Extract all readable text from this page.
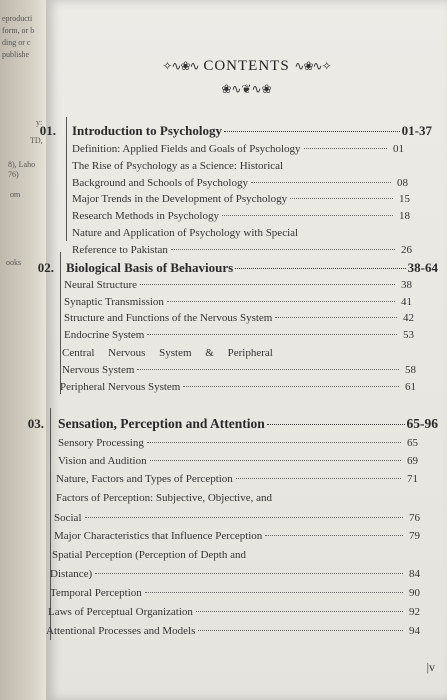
eproducti
form, or b
ding or c
publishe
y:
TD,
8), Laho
76)
om
ooks
✧∿❀∿ CONTENTS ∿❀∿✧
❀∿❦∿❀
01. Introduction to Psychology	01-37
Definition: Applied Fields and Goals of Psychology	01
The Rise of Psychology as a Science: Historical
Background and Schools of Psychology	08
Major Trends in the Development of Psychology	15
Research Methods in Psychology	18
Nature and Application of Psychology with Special
Reference to Pakistan	26
02. Biological Basis of Behaviours	38-64
Neural Structure	38
Synaptic Transmission	41
Structure and Functions of the Nervous System	42
Endocrine System	53
Central     Nervous     System     &     Peripheral
Nervous System	58
Peripheral Nervous System	61
03. Sensation, Perception and Attention	65-96
Sensory Processing	65
Vision and Audition	69
Nature, Factors and Types of Perception	71
Factors of Perception: Subjective, Objective, and
Social	76
Major Characteristics that Influence Perception	79
Spatial Perception (Perception of Depth and
Distance)	84
Temporal Perception	90
Laws of Perceptual Organization	92
Attentional Processes and Models	94
|v
